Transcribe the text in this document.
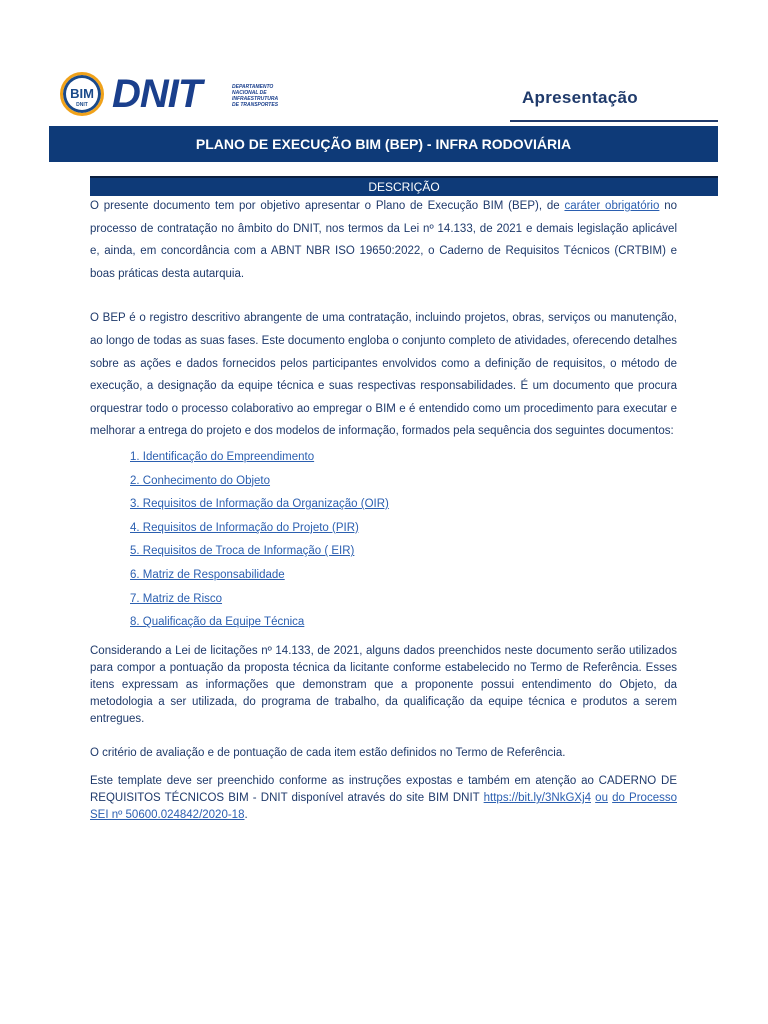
BIM
DNIT DNIT	DEPARTAMENTO
NACIONAL DE
INFRAESTRUTURA
DE TRANSPORTES	Apresentação
PLANO DE EXECUÇÃO BIM (BEP) - INFRA RODOVIÁRIA
DESCRIÇÃO

O presente documento tem por objetivo apresentar o Plano de Execução BIM (BEP), de caráter obrigatório no processo de contratação no âmbito do DNIT, nos termos da Lei nº 14.133, de 2021 e demais legislação aplicável e, ainda, em concordância com a ABNT NBR ISO 19650:2022, o Caderno de Requisitos Técnicos (CRTBIM) e boas práticas desta autarquia.

O BEP é o registro descritivo abrangente de uma contratação, incluindo projetos, obras, serviços ou manutenção, ao longo de todas as suas fases. Este documento engloba o conjunto completo de atividades, oferecendo detalhes sobre as ações e dados fornecidos pelos participantes envolvidos como a definição de requisitos, o método de execução, a designação da equipe técnica e suas respectivas responsabilidades. É um documento que procura orquestrar todo o processo colaborativo ao empregar o BIM e é entendido como um procedimento para executar e melhorar a entrega do projeto e dos modelos de informação, formados pela sequência dos seguintes documentos:

1. Identificação do Empreendimento
2. Conhecimento do Objeto
3. Requisitos de Informação da Organização (OIR)
4. Requisitos de Informação do Projeto (PIR)
5. Requisitos de Troca de Informação ( EIR)
6. Matriz de Responsabilidade
7. Matriz de Risco
8. Qualificação da Equipe Técnica

Considerando a Lei de licitações nº 14.133, de 2021, alguns dados preenchidos neste documento serão utilizados para compor a pontuação da proposta técnica da licitante conforme estabelecido no Termo de Referência. Esses itens expressam as informações que demonstram que a proponente possui entendimento do Objeto, da metodologia a ser utilizada, do programa de trabalho, da qualificação da equipe técnica e produtos a serem entregues.

O critério de avaliação e de pontuação de cada item estão definidos no Termo de Referência.

Este template deve ser preenchido conforme as instruções expostas e também em atenção ao CADERNO DE REQUISITOS TÉCNICOS BIM - DNIT disponível através do site BIM DNIT https://bit.ly/3NkGXj4 ou do Processo SEI nº 50600.024842/2020-18.
